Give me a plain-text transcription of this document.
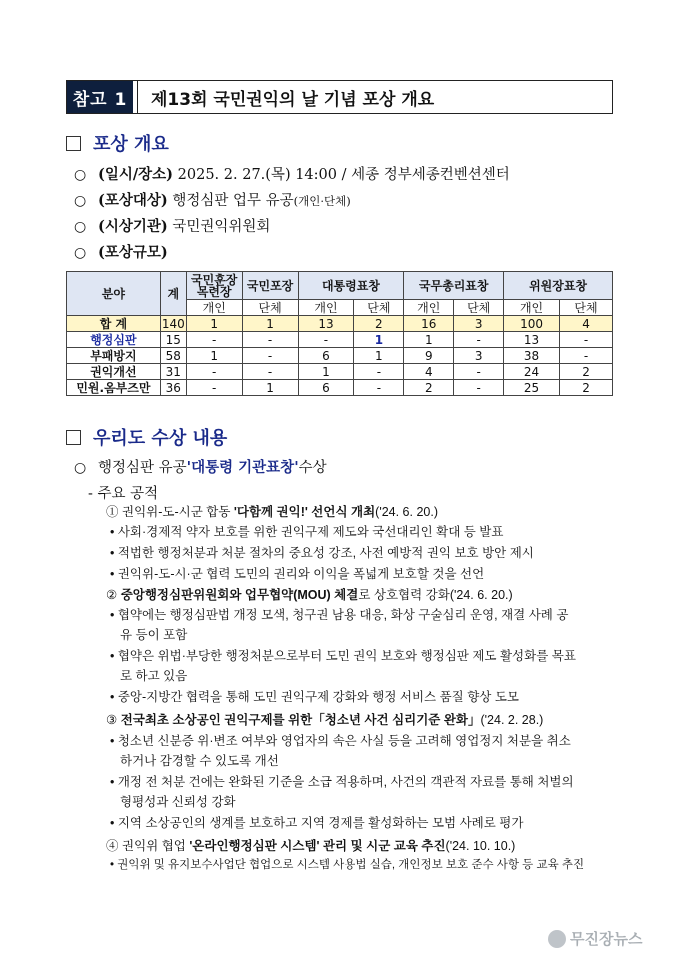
참고 1	제13회 국민권익의 날 기념 포상 개요
포상 개요
○ (일시/장소)
2025. 2. 27.(목) 14:00 / 세종 정부세종컨벤션센터
○ (포상대상)
행정심판 업무 유공 (개인·단체)
○ (시상기관)
국민권익위원회
○ (포상규모)
분야	계	국민훈장 목련장	국민포장	대통령표창		국무총리표창		위원장표창	
		개인	단체	개인	단체	개인	단체	개인	단체
합 계	140	1	1	13	2	16	3	100	4
행정심판	15	-	-	-	1	1	-	13	-
부패방지	58	1	-	6	1	9	3	38	-
권익개선	31	-	-	1	-	4	-	24	2
민원.옴부즈만	36	-	1	6	-	2	-	25	2
우리도 수상 내용
○ 행정심판 유공 '대통령 기관표창' 수상
- 주요 공적
① 권익위-도-시군 합동 '다함께 권익!' 선언식 개최('24. 6. 20.)
• 사회·경제적 약자 보호를 위한 권익구제 제도와 국선대리인 확대 등 발표
• 적법한 행정처분과 처분 절차의 중요성 강조, 사전 예방적 권익 보호 방안 제시
• 권익위-도-시·군 협력 도민의 권리와 이익을 폭넓게 보호할 것을 선언
② 중앙행정심판위원회와 업무협약(MOU) 체결로 상호협력 강화('24. 6. 20.)
• 협약에는 행정심판법 개정 모색, 청구권 남용 대응, 화상 구술심리 운영, 재결 사례 공
유 등이 포함
• 협약은 위법·부당한 행정처분으로부터 도민 권익 보호와 행정심판 제도 활성화를 목표
로 하고 있음
• 중앙-지방간 협력을 통해 도민 권익구제 강화와 행정 서비스 품질 향상 도모
③ 전국최초 소상공인 권익구제를 위한「청소년 사건 심리기준 완화」('24. 2. 28.)
• 청소년 신분증 위·변조 여부와 영업자의 속은 사실 등을 고려해 영업정지 처분을 취소
하거나 감경할 수 있도록 개선
• 개정 전 처분 건에는 완화된 기준을 소급 적용하며, 사건의 객관적 자료를 통해 처벌의
형평성과 신뢰성 강화
• 지역 소상공인의 생계를 보호하고 지역 경제를 활성화하는 모범 사례로 평가
④ 권익위 협업 '온라인행정심판 시스템' 관리 및 시군 교육 추진('24. 10. 10.)
• 권익위 및 유지보수사업단 협업으로 시스템 사용법 실습, 개인정보 보호 준수 사항 등 교육 추진
무진장뉴스
